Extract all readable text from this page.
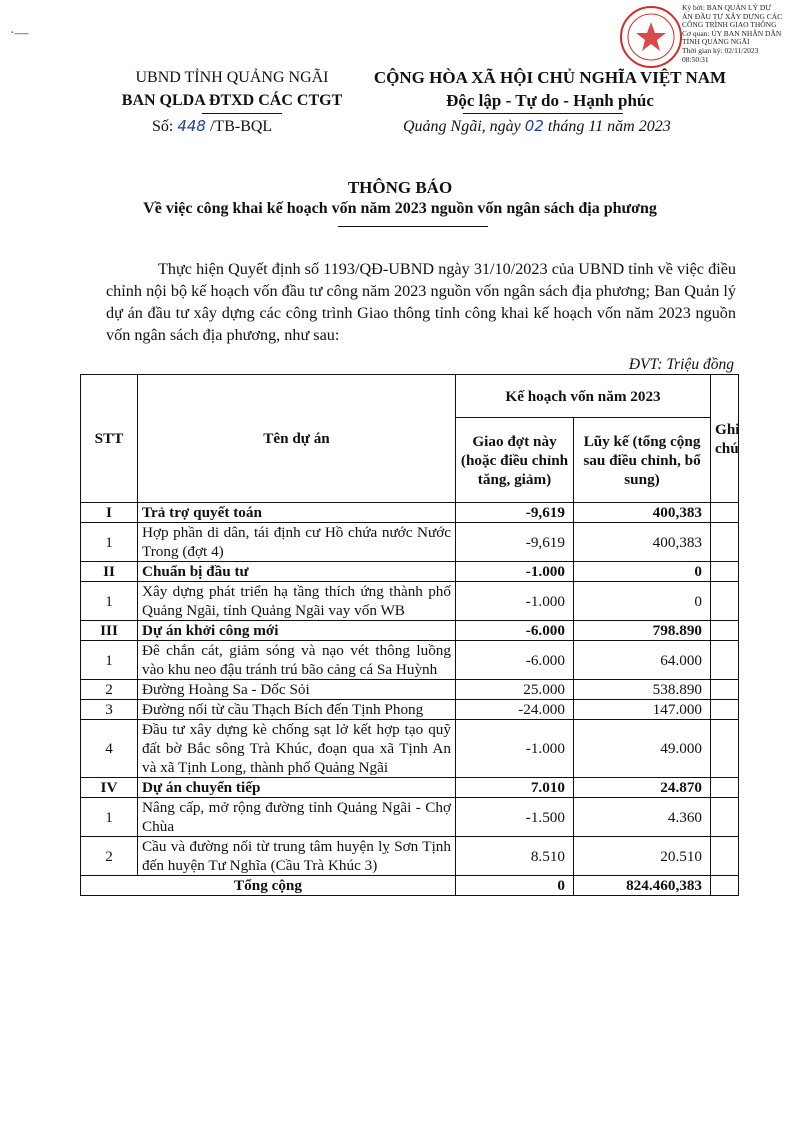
Ký bởi: BAN QUẢN LÝ DỰ
ÁN ĐẦU TƯ XÂY DỰNG CÁC
CÔNG TRÌNH GIAO THÔNG
Cơ quan: ỦY BAN NHÂN DÂN
TỈNH QUẢNG NGÃI
Thời gian ký: 02/11/2023
08:50:31
·—
UBND TỈNH QUẢNG NGÃI
BAN QLDA ĐTXD CÁC CTGT
CỘNG HÒA XÃ HỘI CHỦ NGHĨA VIỆT NAM
Độc lập - Tự do - Hạnh phúc
Số: 448 /TB-BQL	Quảng Ngãi, ngày 02 tháng 11 năm 2023
THÔNG BÁO
Về việc công khai kế hoạch vốn năm 2023 nguồn vốn ngân sách địa phương
Thực hiện Quyết định số 1193/QĐ-UBND ngày 31/10/2023 của UBND tỉnh về việc điều chỉnh nội bộ kế hoạch vốn đầu tư công năm 2023 nguồn vốn ngân sách địa phương; Ban Quản lý dự án đầu tư xây dựng các công trình Giao thông tỉnh công khai kế hoạch vốn năm 2023 nguồn vốn ngân sách địa phương, như sau:
ĐVT: Triệu đồng
STT	Tên dự án	Kế hoạch vốn năm 2023		Ghi chú
		Giao đợt này (hoặc điều chỉnh tăng, giảm)	Lũy kế (tổng cộng sau điều chỉnh, bổ sung)	
I	Trả trợ quyết toán	-9,619	400,383	
1	Hợp phần di dân, tái định cư Hồ chứa nước Nước Trong (đợt 4)	-9,619	400,383	
II	Chuẩn bị đầu tư	-1.000	0	
1	Xây dựng phát triển hạ tầng thích ứng thành phố Quảng Ngãi, tỉnh Quảng Ngãi vay vốn WB	-1.000	0	
III	Dự án khởi công mới	-6.000	798.890	
1	Đê chắn cát, giảm sóng và nạo vét thông luồng vào khu neo đậu tránh trú bão cảng cá Sa Huỳnh	-6.000	64.000	
2	Đường Hoàng Sa - Dốc Sỏi	25.000	538.890	
3	Đường nối từ cầu Thạch Bích đến Tịnh Phong	-24.000	147.000	
4	Đầu tư xây dựng kè chống sạt lở kết hợp tạo quỹ đất bờ Bắc sông Trà Khúc, đoạn qua xã Tịnh An và xã Tịnh Long, thành phố Quảng Ngãi	-1.000	49.000	
IV	Dự án chuyển tiếp	7.010	24.870	
1	Nâng cấp, mở rộng đường tỉnh Quảng Ngãi - Chợ Chùa	-1.500	4.360	
2	Cầu và đường nối từ trung tâm huyện lỵ Sơn Tịnh đến huyện Tư Nghĩa (Cầu Trà Khúc 3)	8.510	20.510	
Tổng cộng		0	824.460,383	
